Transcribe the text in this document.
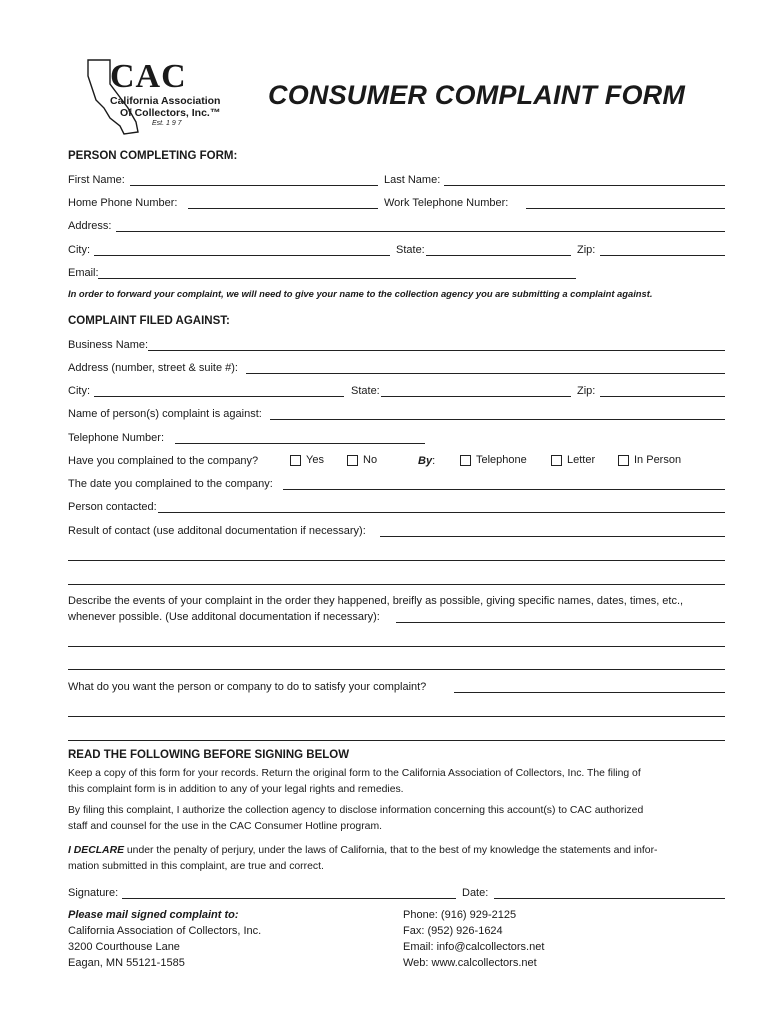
CAC
California Association
Of Collectors, Inc.™
Est. 1 9 7
CONSUMER COMPLAINT FORM
PERSON COMPLETING FORM:
First Name:	Last Name:
Home Phone Number:	Work Telephone Number:
Address:
City:	State:	Zip:
Email:
In order to forward your complaint, we will need to give your name to the collection agency you are submitting a complaint against.
COMPLAINT FILED AGAINST:
Business Name:
Address (number, street & suite #):
City:	State:	Zip:
Name of person(s) complaint is against:
Telephone Number:
Have you complained to the company?	Yes	No	By:	Telephone	Letter	In Person
The date you complained to the company:
Person contacted:
Result of contact (use additonal documentation if necessary):
Describe the events of your complaint in the order they happened, breifly as possible, giving specific names, dates, times, etc.,
whenever possible. (Use additonal documentation if necessary):
What do you want the person or company to do to satisfy your complaint?
READ THE FOLLOWING BEFORE SIGNING BELOW
Keep a copy of this form for your records. Return the original form to the California Association of Collectors, Inc. The filing of
this complaint form is in addition to any of your legal rights and remedies.
By filing this complaint, I authorize the collection agency to disclose information concerning this account(s) to CAC authorized
staff and counsel for the use in the CAC Consumer Hotline program.
I DECLARE under the penalty of perjury, under the laws of California, that to the best of my knowledge the statements and infor-
mation submitted in this complaint, are true and correct.
Signature:	Date:
Please mail signed complaint to:
California Association of Collectors, Inc.
3200 Courthouse Lane
Eagan, MN 55121-1585
Phone: (916) 929-2125
Fax: (952) 926-1624
Email: info@calcollectors.net
Web: www.calcollectors.net
